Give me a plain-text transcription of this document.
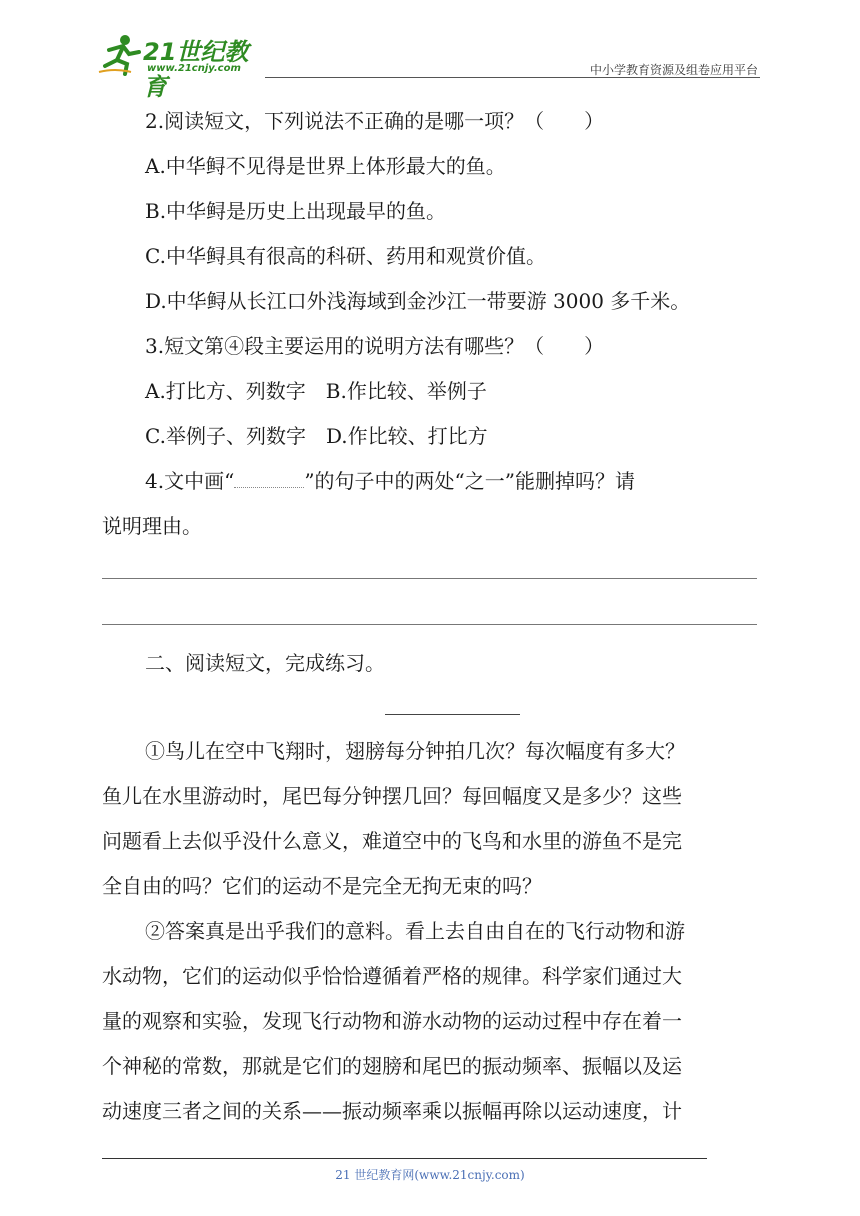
21世纪教育
www.21cnjy.com	中小学教育资源及组卷应用平台
2.阅读短文，下列说法不正确的是哪一项？（　　）
A.中华鲟不见得是世界上体形最大的鱼。
B.中华鲟是历史上出现最早的鱼。
C.中华鲟具有很高的科研、药用和观赏价值。
D.中华鲟从长江口外浅海域到金沙江一带要游 3000 多千米。
3.短文第④段主要运用的说明方法有哪些？（　　）
A.打比方、列数字　B.作比较、举例子
C.举例子、列数字　D.作比较、打比方
4.文中画“	”的句子中的两处“之一”能删掉吗？请
说明理由。
二、阅读短文，完成练习。
①鸟儿在空中飞翔时，翅膀每分钟拍几次？每次幅度有多大？
鱼儿在水里游动时，尾巴每分钟摆几回？每回幅度又是多少？这些
问题看上去似乎没什么意义，难道空中的飞鸟和水里的游鱼不是完
全自由的吗？它们的运动不是完全无拘无束的吗？
②答案真是出乎我们的意料。看上去自由自在的飞行动物和游
水动物，它们的运动似乎恰恰遵循着严格的规律。科学家们通过大
量的观察和实验，发现飞行动物和游水动物的运动过程中存在着一
个神秘的常数，那就是它们的翅膀和尾巴的振动频率、振幅以及运
动速度三者之间的关系——振动频率乘以振幅再除以运动速度，计
21 世纪教育网(www.21cnjy.com)
